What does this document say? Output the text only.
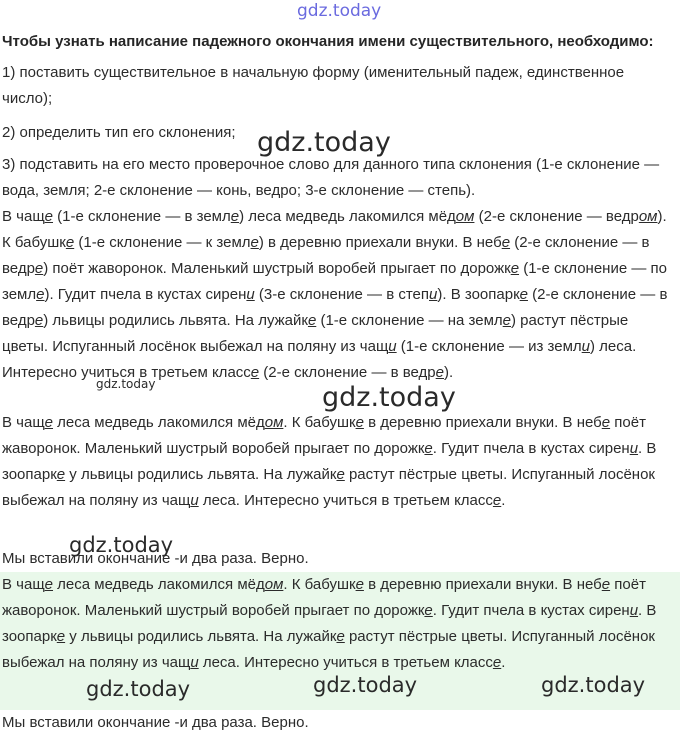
gdz.today
Чтобы узнать написание падежного окончания имени существительного, необходимо:
1) поставить существительное в начальную форму (именительный падеж, единственное число);
2) определить тип его склонения;
3) подставить на его место проверочное слово для данного типа склонения (1-е склонение — вода, земля; 2-е склонение — конь, ведро; 3-е склонение — степь).
В чаще (1-е склонение — в земле) леса медведь лакомился мёдом (2-е склонение — ведром). К бабушке (1-е склонение — к земле) в деревню приехали внуки. В небе (2-е склонение — в ведре) поёт жаворонок. Маленький шустрый воробей прыгает по дорожке (1-е склонение — по земле). Гудит пчела в кустах сирени (3-е склонение — в степи). В зоопарке (2-е склонение — в ведре) львицы родились львята. На лужайке (1-е склонение — на земле) растут пёстрые цветы. Испуганный лосёнок выбежал на поляну из чащи (1-е склонение — из земли) леса. Интересно учиться в третьем классе (2-е склонение — в ведре).
В чаще леса медведь лакомился мёдом. К бабушке в деревню приехали внуки. В небе поёт жаворонок. Маленький шустрый воробей прыгает по дорожке. Гудит пчела в кустах сирени. В зоопарке у львицы родились львята. На лужайке растут пёстрые цветы. Испуганный лосёнок выбежал на поляну из чащи леса. Интересно учиться в третьем классе.
Мы вставили окончание -и два раза. Верно.
В чаще леса медведь лакомился мёдом. К бабушке в деревню приехали внуки. В небе поёт жаворонок. Маленький шустрый воробей прыгает по дорожке. Гудит пчела в кустах сирени. В зоопарке у львицы родились львята. На лужайке растут пёстрые цветы. Испуганный лосёнок выбежал на поляну из чащи леса. Интересно учиться в третьем классе.
Мы вставили окончание -и два раза. Верно.
gdz.today
gdz.today	gdz.today
gdz.today
gdz.today	gdz.today	gdz.today
